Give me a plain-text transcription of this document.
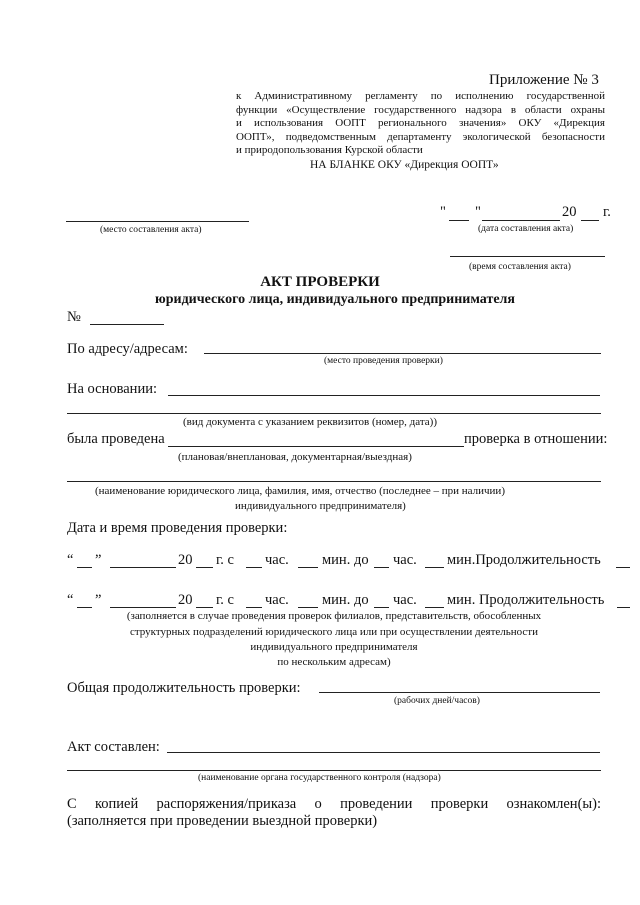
Приложение № 3
к Административному регламенту по исполнению государственной
функции «Осуществление государственного надзора в области охраны
и использования ООПТ регионального значения» ОКУ «Дирекция
ООПТ», подведомственным департаменту экологической безопасности
и природопользования Курской области
НА БЛАНКЕ ОКУ «Дирекция ООПТ»
(место составления акта)
" "	20 г.
(дата составления акта)
(время составления акта)
АКТ ПРОВЕРКИ
юридического лица, индивидуального предпринимателя
№
По адресу/адресам:
(место проведения проверки)
На основании:
(вид документа с указанием реквизитов (номер, дата))
была проведена	проверка в отношении:
(плановая/внеплановая, документарная/выездная)
(наименование юридического лица, фамилия, имя, отчество (последнее – при наличии)
индивидуального предпринимателя)
Дата и время проведения проверки:
“ ”	20 г. с час. мин. до час. мин.Продолжительность
“ ”	20 г. с час. мин. до час. мин. Продолжительность
(заполняется в случае проведения проверок филиалов, представительств, обособленных
структурных подразделений юридического лица или при осуществлении деятельности
индивидуального предпринимателя
по нескольким адресам)
Общая продолжительность проверки:
(рабочих дней/часов)
Акт составлен:
(наименование органа государственного контроля (надзора)
С копией распоряжения/приказа о проведении проверки ознакомлен(ы):
(заполняется при проведении выездной проверки)
